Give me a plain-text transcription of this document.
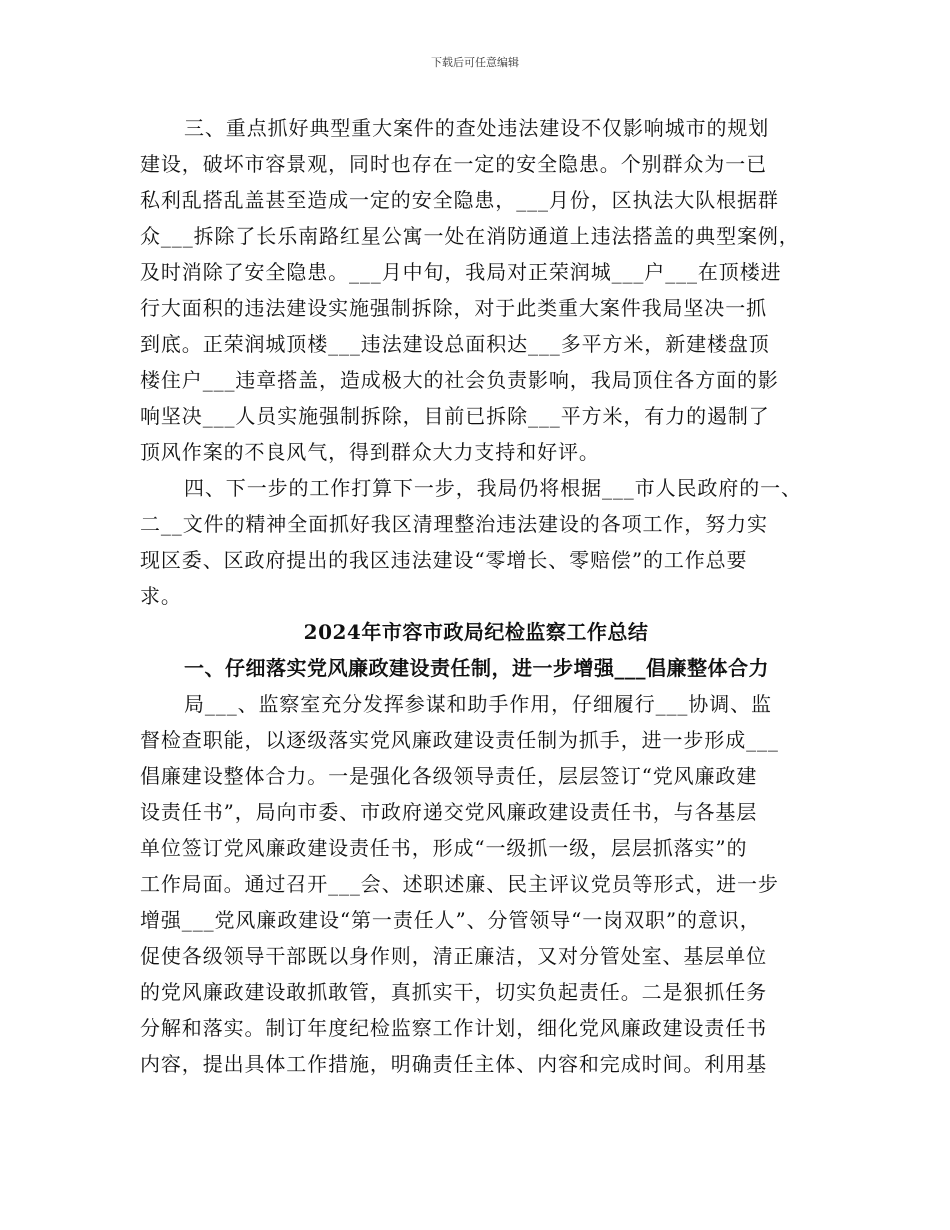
下载后可任意编辑
三、重点抓好典型重大案件的查处违法建设不仅影响城市的规划
建设，破坏市容景观，同时也存在一定的安全隐患。个别群众为一已
私利乱搭乱盖甚至造成一定的安全隐患，___月份，区执法大队根据群
众___拆除了长乐南路红星公寓一处在消防通道上违法搭盖的典型案例，
及时消除了安全隐患。___月中旬，我局对正荣润城___户___在顶楼进
行大面积的违法建设实施强制拆除，对于此类重大案件我局坚决一抓
到底。正荣润城顶楼___违法建设总面积达___多平方米，新建楼盘顶
楼住户___违章搭盖，造成极大的社会负责影响，我局顶住各方面的影
响坚决___人员实施强制拆除，目前已拆除___平方米，有力的遏制了
顶风作案的不良风气，得到群众大力支持和好评。
四、下一步的工作打算下一步，我局仍将根据___市人民政府的一、
二__文件的精神全面抓好我区清理整治违法建设的各项工作，努力实
现区委、区政府提出的我区违法建设“零增长、零赔偿”的工作总要
求。
2024年市容市政局纪检监察工作总结
一、仔细落实党风廉政建设责任制，进一步增强___倡廉整体合力
局___、监察室充分发挥参谋和助手作用，仔细履行___协调、监
督检查职能，以逐级落实党风廉政建设责任制为抓手，进一步形成___
倡廉建设整体合力。一是强化各级领导责任，层层签订“党风廉政建
设责任书”，局向市委、市政府递交党风廉政建设责任书，与各基层
单位签订党风廉政建设责任书，形成“一级抓一级，层层抓落实”的
工作局面。通过召开___会、述职述廉、民主评议党员等形式，进一步
增强___党风廉政建设“第一责任人”、分管领导“一岗双职”的意识，
促使各级领导干部既以身作则，清正廉洁，又对分管处室、基层单位
的党风廉政建设敢抓敢管，真抓实干，切实负起责任。二是狠抓任务
分解和落实。制订年度纪检监察工作计划，细化党风廉政建设责任书
内容，提出具体工作措施，明确责任主体、内容和完成时间。利用基
